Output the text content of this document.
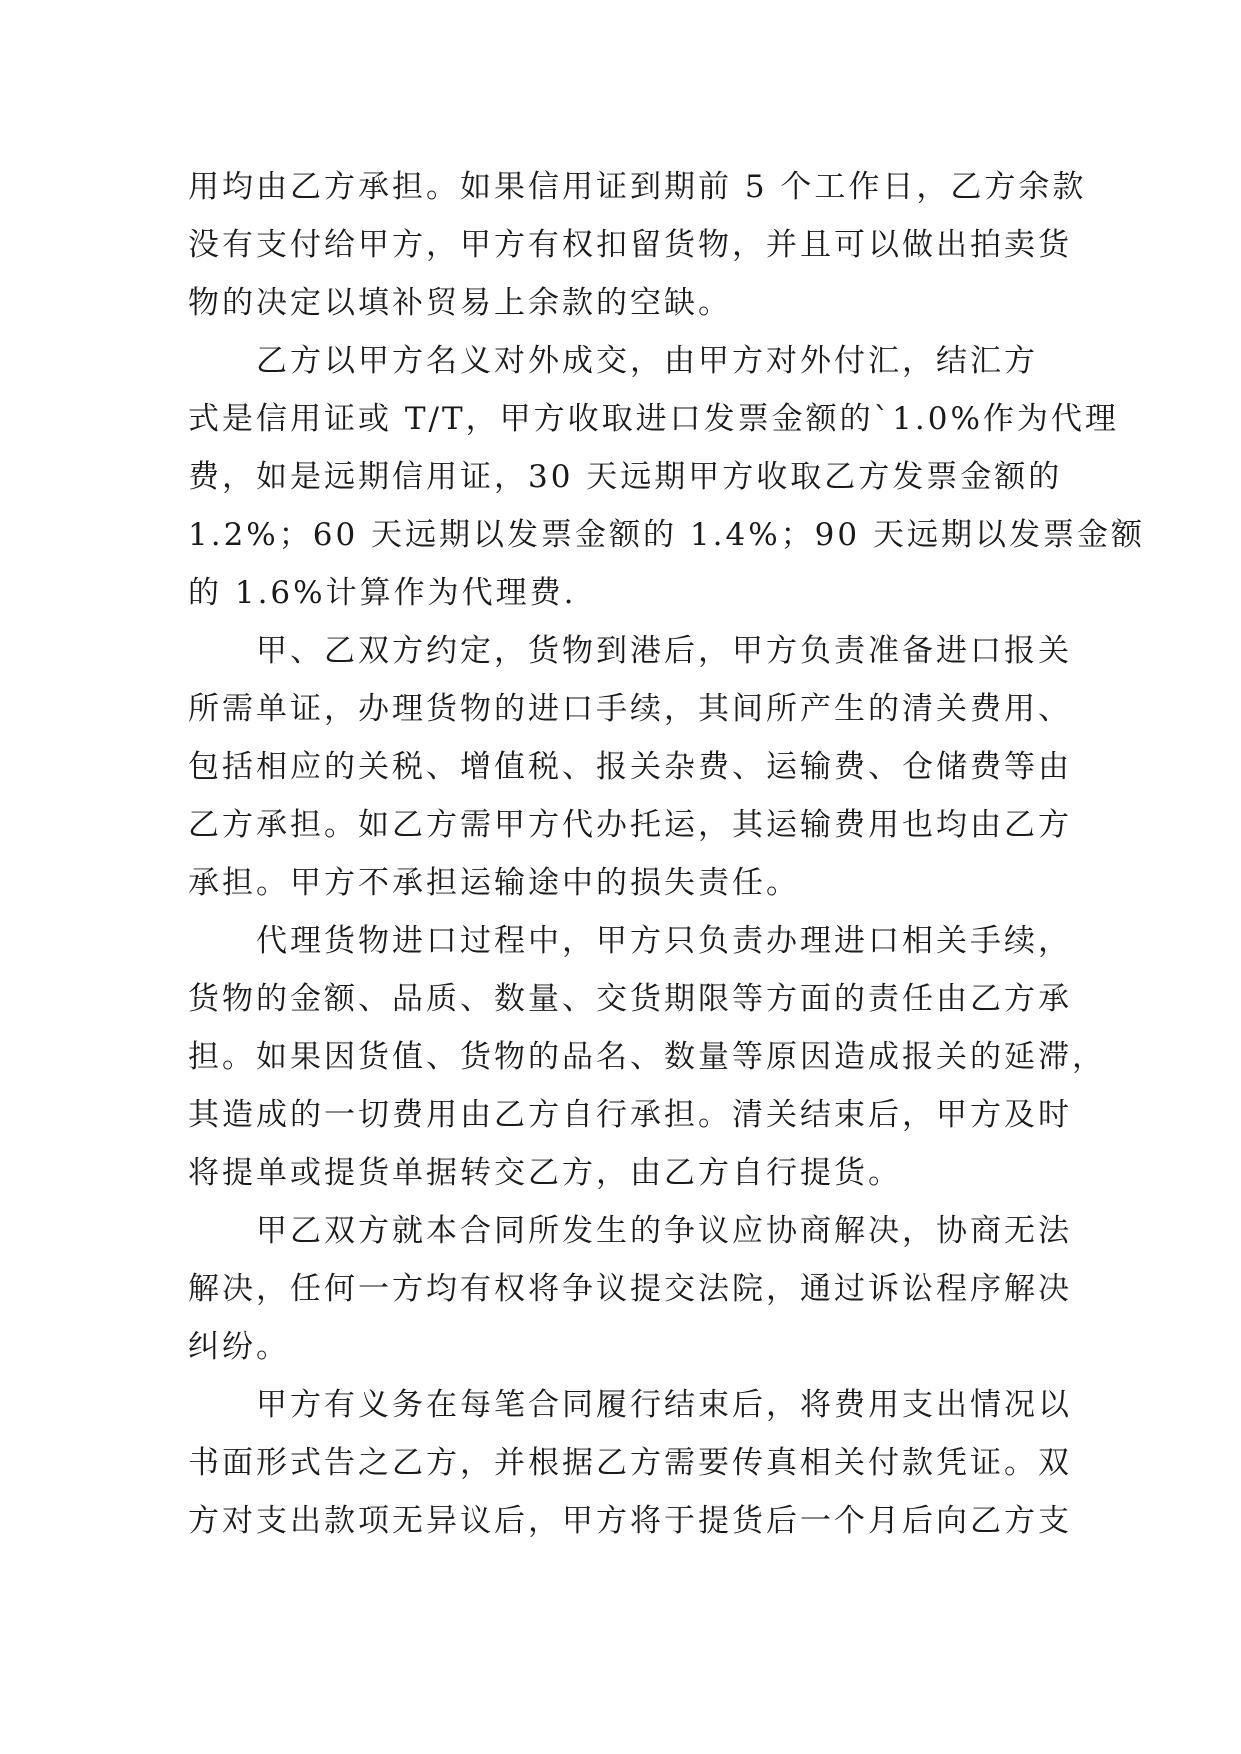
用均由乙方承担。如果信用证到期前 5 个工作日，乙方余款
没有支付给甲方，甲方有权扣留货物，并且可以做出拍卖货
物的决定以填补贸易上余款的空缺。
乙方以甲方名义对外成交，由甲方对外付汇，结汇方
式是信用证或 T/T，甲方收取进口发票金额的`1.0%作为代理
费，如是远期信用证，30 天远期甲方收取乙方发票金额的
1.2%；60 天远期以发票金额的 1.4%；90 天远期以发票金额
的 1.6%计算作为代理费.
甲、乙双方约定，货物到港后，甲方负责准备进口报关
所需单证，办理货物的进口手续，其间所产生的清关费用、
包括相应的关税、增值税、报关杂费、运输费、仓储费等由
乙方承担。如乙方需甲方代办托运，其运输费用也均由乙方
承担。甲方不承担运输途中的损失责任。
代理货物进口过程中，甲方只负责办理进口相关手续，
货物的金额、品质、数量、交货期限等方面的责任由乙方承
担。如果因货值、货物的品名、数量等原因造成报关的延滞，
其造成的一切费用由乙方自行承担。清关结束后，甲方及时
将提单或提货单据转交乙方，由乙方自行提货。
甲乙双方就本合同所发生的争议应协商解决，协商无法
解决，任何一方均有权将争议提交法院，通过诉讼程序解决
纠纷。
甲方有义务在每笔合同履行结束后，将费用支出情况以
书面形式告之乙方，并根据乙方需要传真相关付款凭证。双
方对支出款项无异议后，甲方将于提货后一个月后向乙方支
